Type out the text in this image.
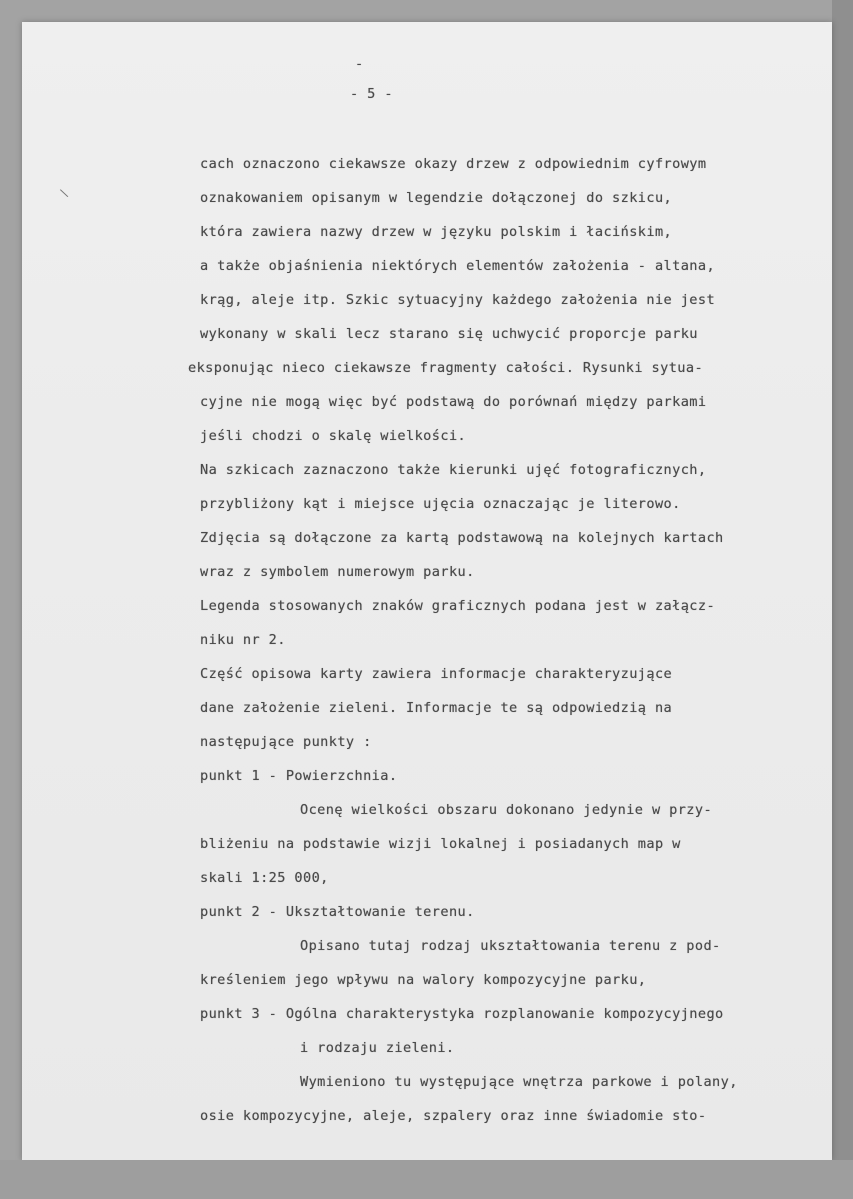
-
- 5 -
\
cach oznaczono ciekawsze okazy drzew z odpowiednim cyfrowym
oznakowaniem opisanym w legendzie dołączonej do szkicu,
która zawiera nazwy drzew w języku polskim i łacińskim,
a także objaśnienia niektórych elementów założenia - altana,
krąg, aleje itp. Szkic sytuacyjny każdego założenia nie jest
wykonany w skali lecz starano się uchwycić proporcje parku
eksponując nieco ciekawsze fragmenty całości. Rysunki sytua-
cyjne nie mogą więc być podstawą do porównań między parkami
jeśli chodzi o skalę wielkości.
Na szkicach zaznaczono także kierunki ujęć fotograficznych,
przybliżony kąt i miejsce ujęcia oznaczając je literowo.
Zdjęcia są dołączone za kartą podstawową na kolejnych kartach
wraz z symbolem numerowym parku.
Legenda stosowanych znaków graficznych podana jest w załącz-
niku nr 2.
Część opisowa karty zawiera informacje charakteryzujące
dane założenie zieleni. Informacje te są odpowiedzią na
następujące punkty :
punkt 1 - Powierzchnia.
Ocenę wielkości obszaru dokonano jedynie w przy-
bliżeniu na podstawie wizji lokalnej i posiadanych map w
skali 1:25 000,
punkt 2 - Ukształtowanie terenu.
Opisano tutaj rodzaj ukształtowania terenu z pod-
kreśleniem jego wpływu na walory kompozycyjne parku,
punkt 3 - Ogólna charakterystyka rozplanowanie kompozycyjnego
i rodzaju zieleni.
Wymieniono tu występujące wnętrza parkowe i polany,
osie kompozycyjne, aleje, szpalery oraz inne świadomie sto-
